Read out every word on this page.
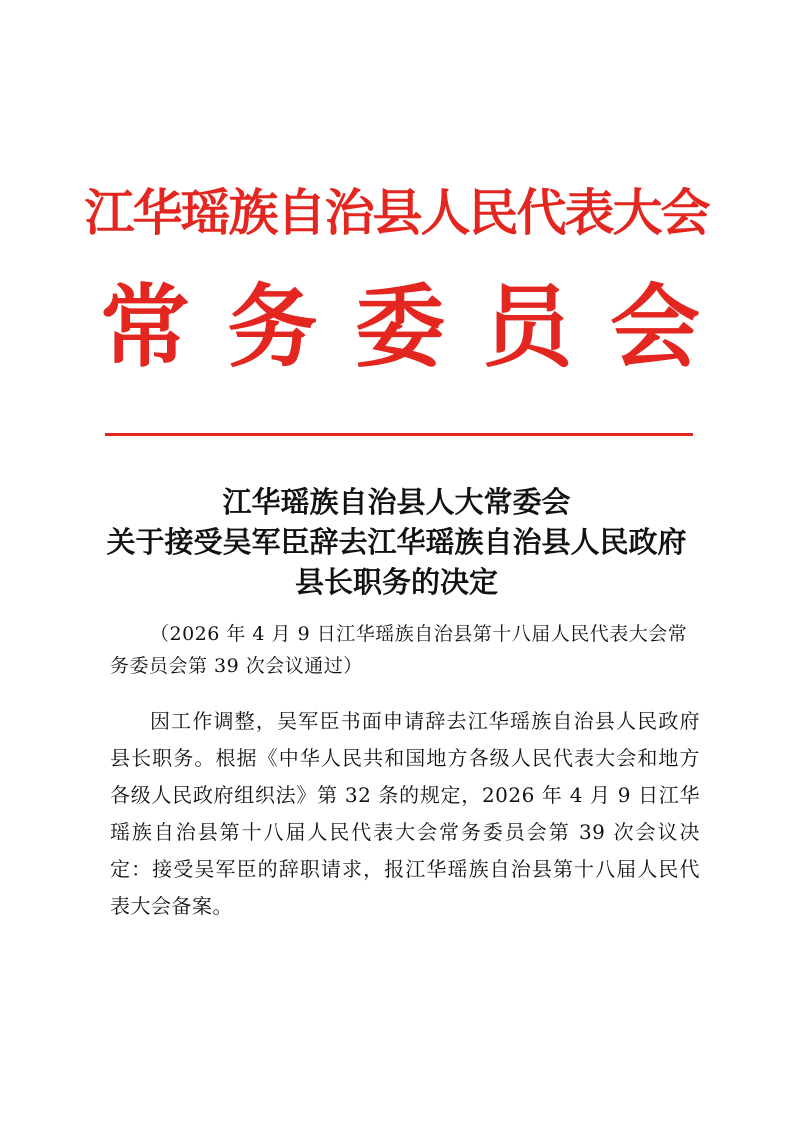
江华瑶族自治县人民代表大会
常 务 委 员 会
江华瑶族自治县人大常委会
关于接受吴军臣辞去江华瑶族自治县人民政府
县长职务的决定
（2026 年 4 月 9 日江华瑶族自治县第十八届人民代表大会常务委员会第 39 次会议通过）
因工作调整，吴军臣书面申请辞去江华瑶族自治县人民政府县长职务。根据《中华人民共和国地方各级人民代表大会和地方各级人民政府组织法》第 32 条的规定，2026 年 4 月 9 日江华瑶族自治县第十八届人民代表大会常务委员会第 39 次会议决定：接受吴军臣的辞职请求，报江华瑶族自治县第十八届人民代表大会备案。
